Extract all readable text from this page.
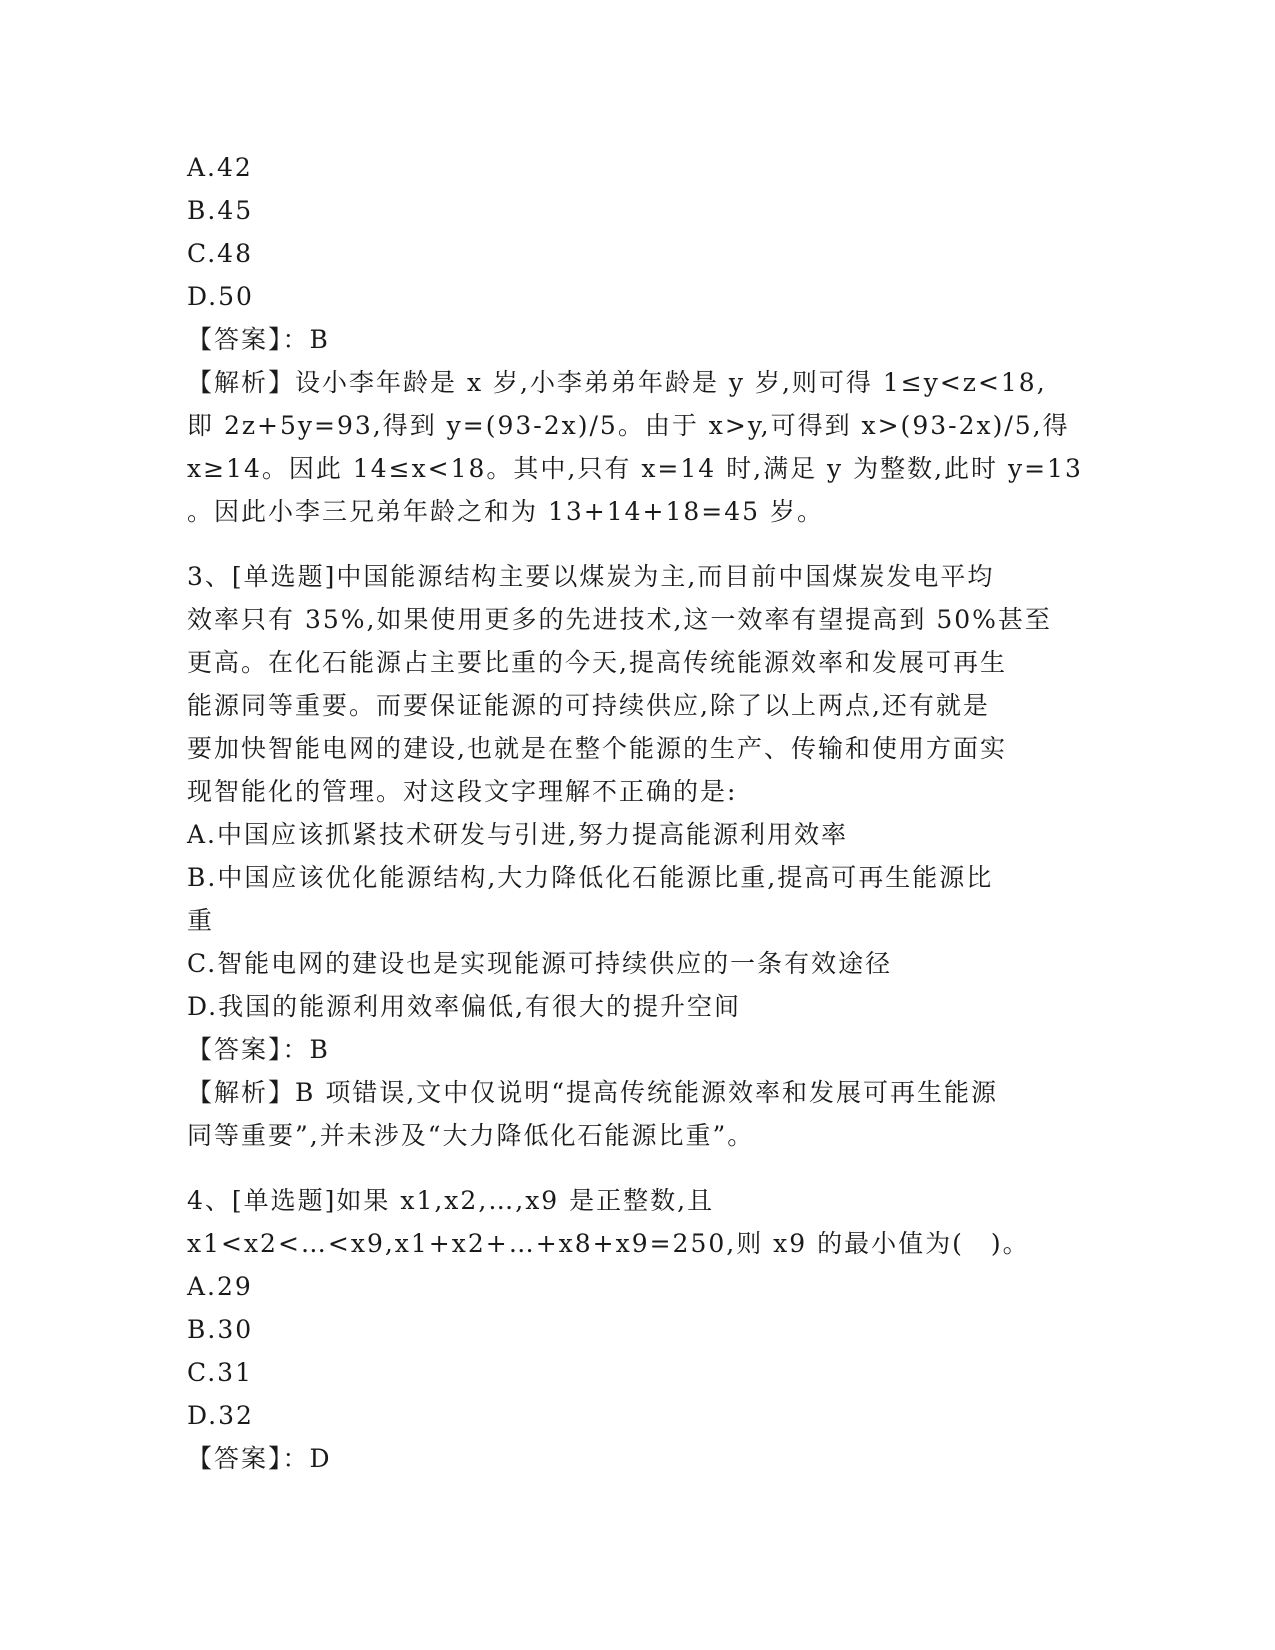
A.42
B.45
C.48
D.50
【答案】：B
【解析】设小李年龄是 x 岁,小李弟弟年龄是 y 岁,则可得 1≤y<z<18,
即 2z+5y=93,得到 y=(93-2x)/5。由于 x>y,可得到 x>(93-2x)/5,得
x≥14。因此 14≤x<18。其中,只有 x=14 时,满足 y 为整数,此时 y=13
。因此小李三兄弟年龄之和为 13+14+18=45 岁。
3、[单选题]中国能源结构主要以煤炭为主,而目前中国煤炭发电平均
效率只有 35%,如果使用更多的先进技术,这一效率有望提高到 50%甚至
更高。在化石能源占主要比重的今天,提高传统能源效率和发展可再生
能源同等重要。而要保证能源的可持续供应,除了以上两点,还有就是
要加快智能电网的建设,也就是在整个能源的生产、传输和使用方面实
现智能化的管理。对这段文字理解不正确的是:
A.中国应该抓紧技术研发与引进,努力提高能源利用效率
B.中国应该优化能源结构,大力降低化石能源比重,提高可再生能源比
重
C.智能电网的建设也是实现能源可持续供应的一条有效途径
D.我国的能源利用效率偏低,有很大的提升空间
【答案】：B
【解析】B 项错误,文中仅说明“提高传统能源效率和发展可再生能源
同等重要”,并未涉及“大力降低化石能源比重”。
4、[单选题]如果 x1,x2,…,x9 是正整数,且
x1<x2<…<x9,x1+x2+…+x8+x9=250,则 x9 的最小值为(　)。
A.29
B.30
C.31
D.32
【答案】：D
